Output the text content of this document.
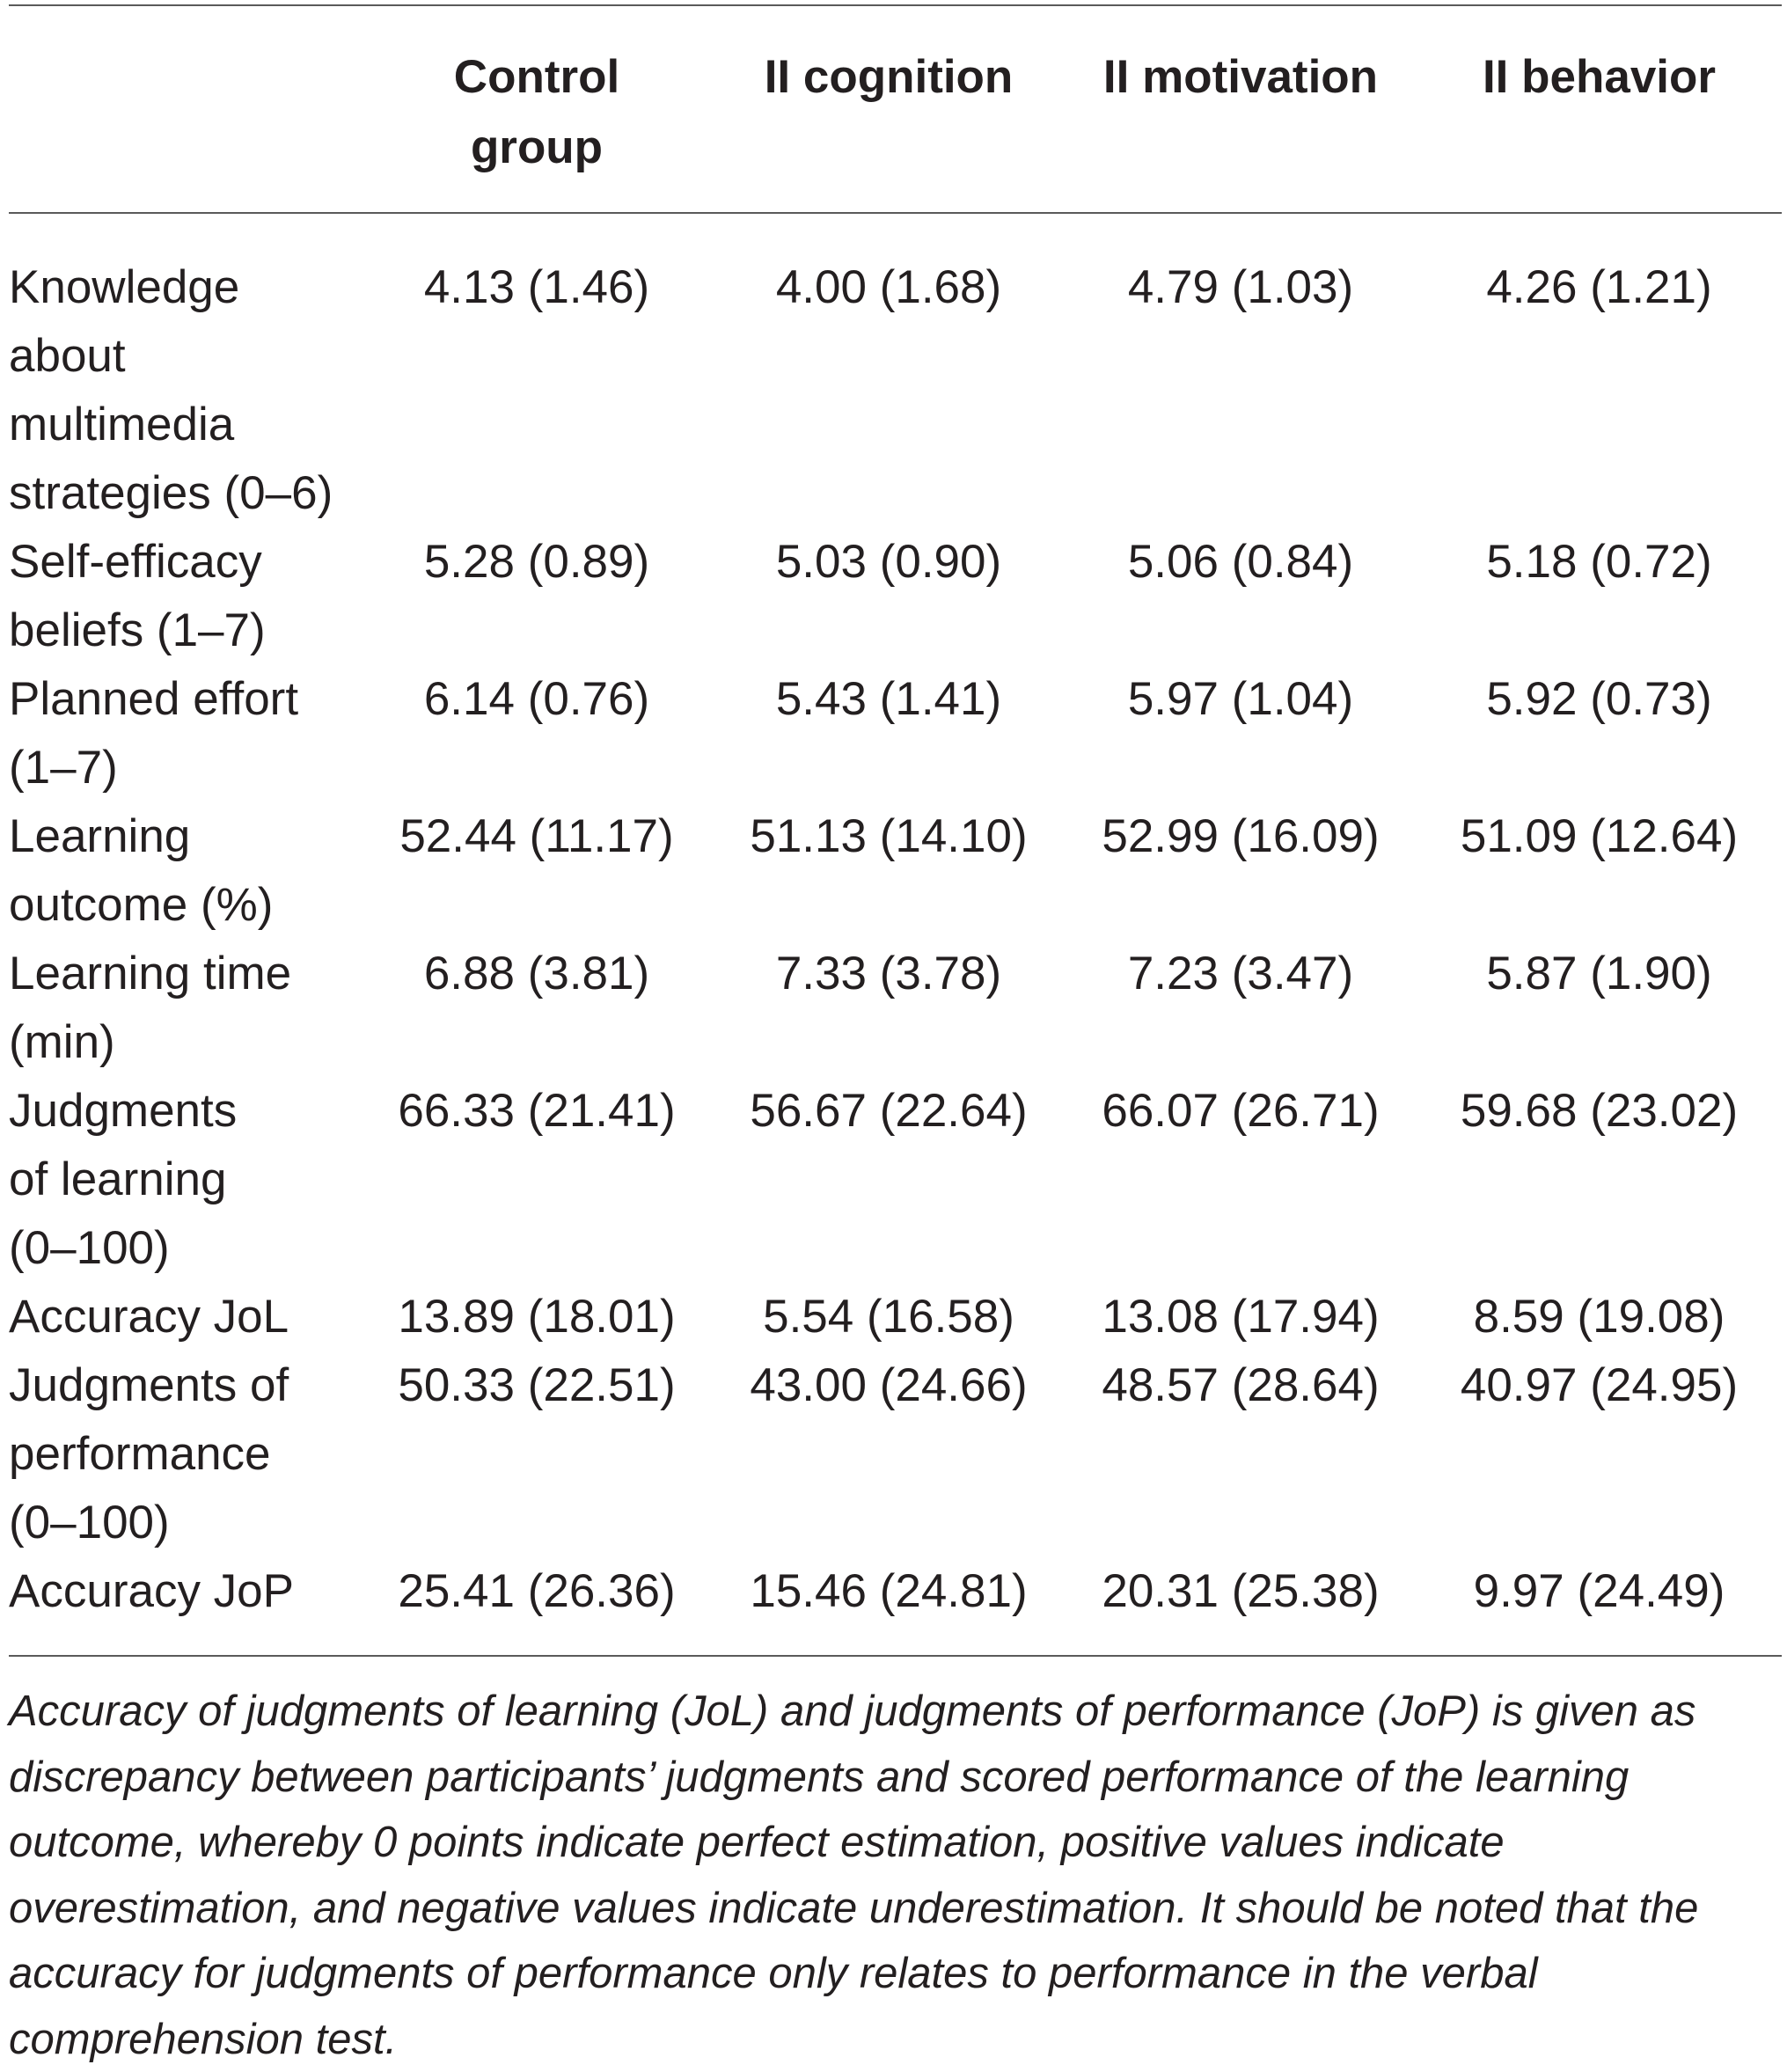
	Control group	II cognition	II motivation	II behavior
Knowledge about multimedia strategies (0–6)	4.13 (1.46)	4.00 (1.68)	4.79 (1.03)	4.26 (1.21)
Self-efficacy beliefs (1–7)	5.28 (0.89)	5.03 (0.90)	5.06 (0.84)	5.18 (0.72)
Planned effort (1–7)	6.14 (0.76)	5.43 (1.41)	5.97 (1.04)	5.92 (0.73)
Learning outcome (%)	52.44 (11.17)	51.13 (14.10)	52.99 (16.09)	51.09 (12.64)
Learning time (min)	6.88 (3.81)	7.33 (3.78)	7.23 (3.47)	5.87 (1.90)
Judgments of learning (0–100)	66.33 (21.41)	56.67 (22.64)	66.07 (26.71)	59.68 (23.02)
Accuracy JoL	13.89 (18.01)	5.54 (16.58)	13.08 (17.94)	8.59 (19.08)
Judgments of performance (0–100)	50.33 (22.51)	43.00 (24.66)	48.57 (28.64)	40.97 (24.95)
Accuracy JoP	25.41 (26.36)	15.46 (24.81)	20.31 (25.38)	9.97 (24.49)
Accuracy of judgments of learning (JoL) and judgments of performance (JoP) is given as discrepancy between participants’ judgments and scored performance of the learning outcome, whereby 0 points indicate perfect estimation, positive values indicate overestimation, and negative values indicate underestimation. It should be noted that the accuracy for judgments of performance only relates to performance in the verbal comprehension test.
